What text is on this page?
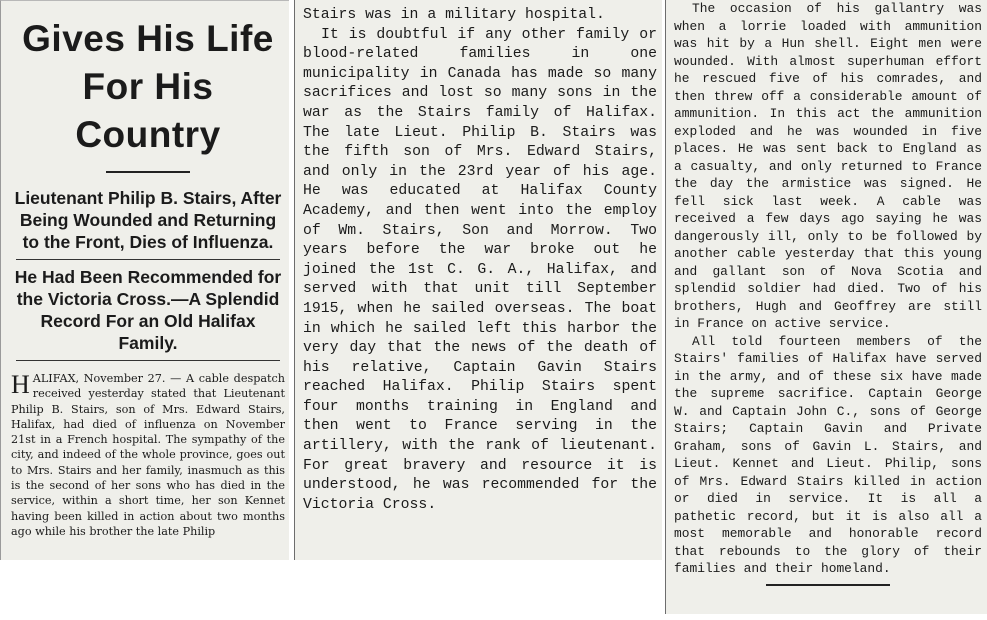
Gives His Life
For His Country

Lieutenant Philip B. Stairs, After Being Wounded and Returning to the Front, Dies of Influenza.

He Had Been Recommended for the Victoria Cross.—A Splendid Record For an Old Halifax Family.

HALIFAX, November 27. — A cable despatch received yesterday stated that Lieutenant Philip B. Stairs, son of Mrs. Edward Stairs, Halifax, had died of influenza on November 21st in a French hospital. The sympathy of the city, and indeed of the whole province, goes out to Mrs. Stairs and her family, inasmuch as this is the second of her sons who has died in the service, within a short time, her son Kennet having been killed in action about two months ago while his brother the late Philip

Stairs was in a military hospital.

It is doubtful if any other family or blood-related families in one municipality in Canada has made so many sacrifices and lost so many sons in the war as the Stairs family of Halifax. The late Lieut. Philip B. Stairs was the fifth son of Mrs. Edward Stairs, and only in the 23rd year of his age. He was educated at Halifax County Academy, and then went into the employ of Wm. Stairs, Son and Morrow. Two years before the war broke out he joined the 1st C. G. A., Halifax, and served with that unit till September 1915, when he sailed overseas. The boat in which he sailed left this harbor the very day that the news of the death of his relative, Captain Gavin Stairs reached Halifax. Philip Stairs spent four months training in England and then went to France serving in the artillery, with the rank of lieutenant. For great bravery and resource it is understood, he was recommended for the Victoria Cross.

The occasion of his gallantry was when a lorrie loaded with ammunition was hit by a Hun shell. Eight men were wounded. With almost superhuman effort he rescued five of his comrades, and then threw off a considerable amount of ammunition. In this act the ammunition exploded and he was wounded in five places. He was sent back to England as a casualty, and only returned to France the day the armistice was signed. He fell sick last week. A cable was received a few days ago saying he was dangerously ill, only to be followed by another cable yesterday that this young and gallant son of Nova Scotia and splendid soldier had died. Two of his brothers, Hugh and Geoffrey are still in France on active service.

All told fourteen members of the Stairs' families of Halifax have served in the army, and of these six have made the supreme sacrifice. Captain George W. and Captain John C., sons of George Stairs; Captain Gavin and Private Graham, sons of Gavin L. Stairs, and Lieut. Kennet and Lieut. Philip, sons of Mrs. Edward Stairs killed in action or died in service. It is all a pathetic record, but it is also all a most memorable and honorable record that rebounds to the glory of their families and their homeland.
